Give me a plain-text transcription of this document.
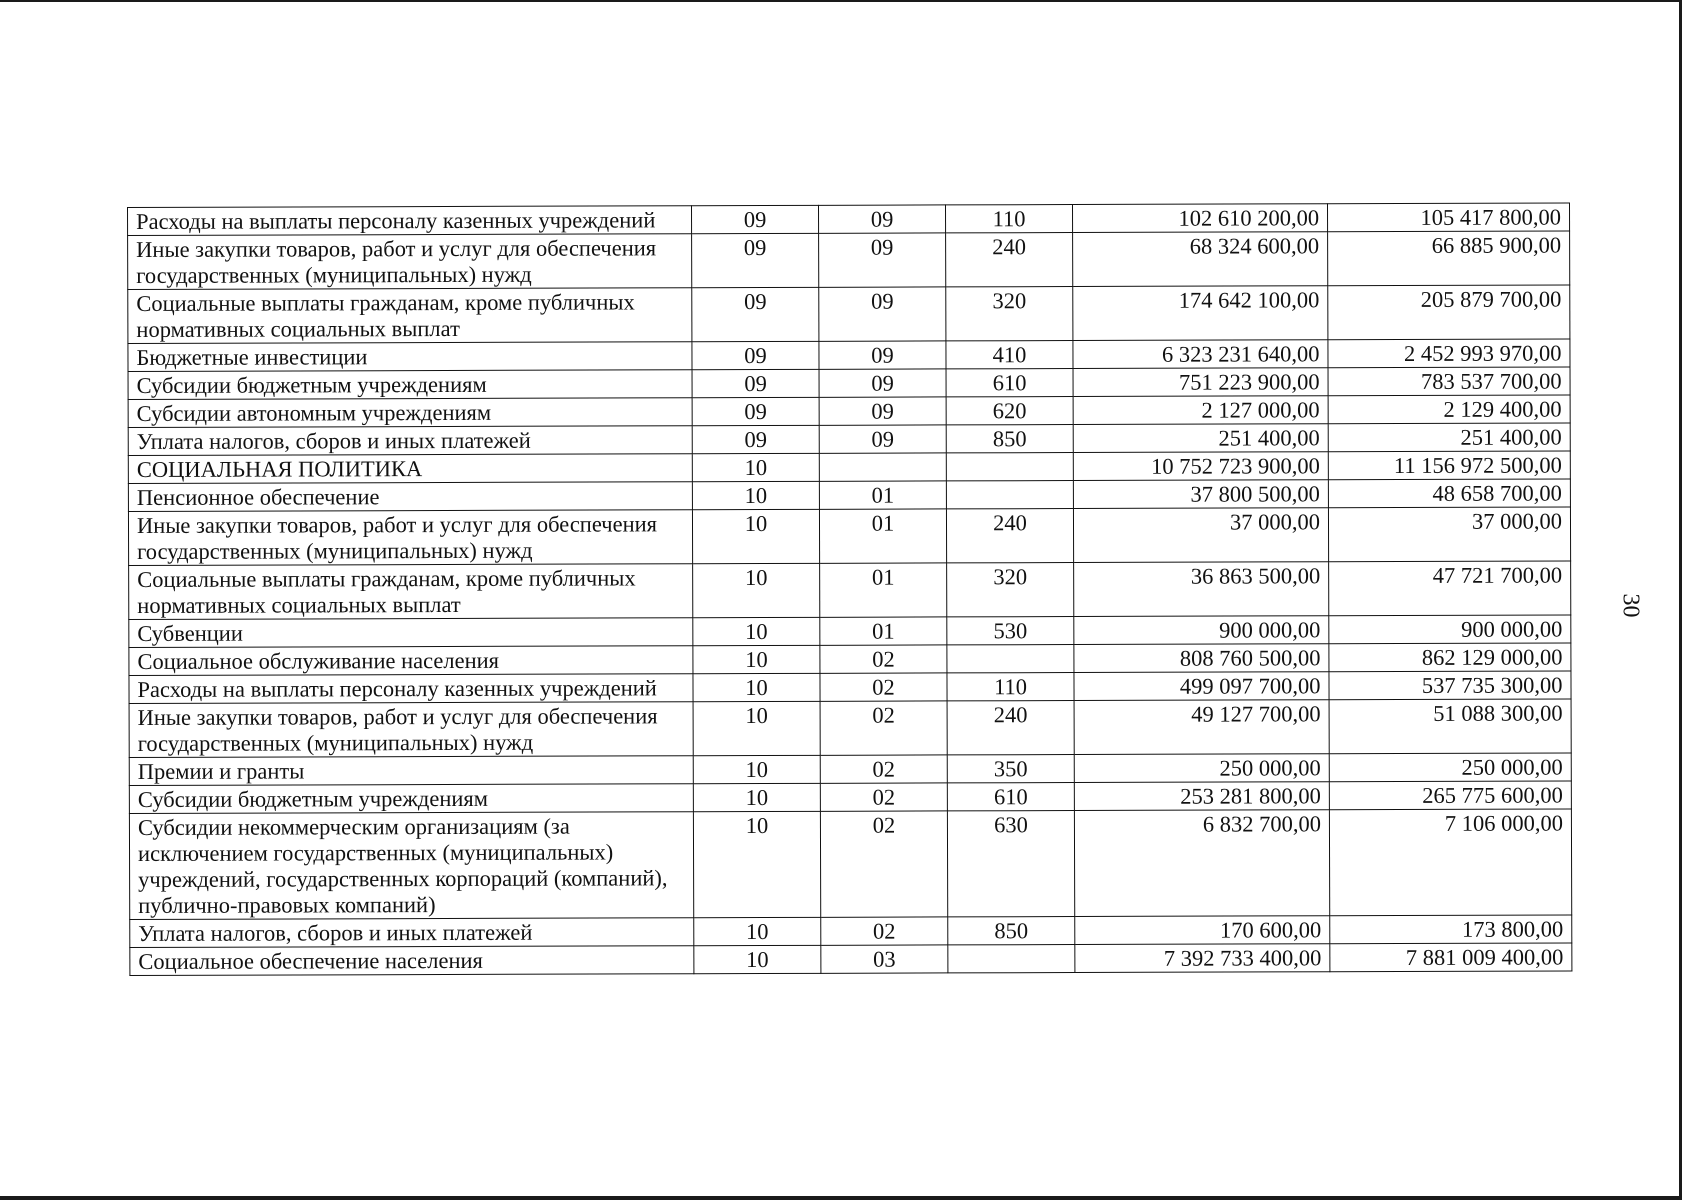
Расходы на выплаты персоналу казенных учреждений	09	09	110	102 610 200,00	105 417 800,00
Иные закупки товаров, работ и услуг для обеспечения государственных (муниципальных) нужд	09	09	240	68 324 600,00	66 885 900,00
Социальные выплаты гражданам, кроме публичных нормативных социальных выплат	09	09	320	174 642 100,00	205 879 700,00
Бюджетные инвестиции	09	09	410	6 323 231 640,00	2 452 993 970,00
Субсидии бюджетным учреждениям	09	09	610	751 223 900,00	783 537 700,00
Субсидии автономным учреждениям	09	09	620	2 127 000,00	2 129 400,00
Уплата налогов, сборов и иных платежей	09	09	850	251 400,00	251 400,00
СОЦИАЛЬНАЯ ПОЛИТИКА	10			10 752 723 900,00	11 156 972 500,00
Пенсионное обеспечение	10	01		37 800 500,00	48 658 700,00
Иные закупки товаров, работ и услуг для обеспечения государственных (муниципальных) нужд	10	01	240	37 000,00	37 000,00
Социальные выплаты гражданам, кроме публичных нормативных социальных выплат	10	01	320	36 863 500,00	47 721 700,00
Субвенции	10	01	530	900 000,00	900 000,00
Социальное обслуживание населения	10	02		808 760 500,00	862 129 000,00
Расходы на выплаты персоналу казенных учреждений	10	02	110	499 097 700,00	537 735 300,00
Иные закупки товаров, работ и услуг для обеспечения государственных (муниципальных) нужд	10	02	240	49 127 700,00	51 088 300,00
Премии и гранты	10	02	350	250 000,00	250 000,00
Субсидии бюджетным учреждениям	10	02	610	253 281 800,00	265 775 600,00
Субсидии некоммерческим организациям (за исключением государственных (муниципальных) учреждений, государственных корпораций (компаний), публично-правовых компаний)	10	02	630	6 832 700,00	7 106 000,00
Уплата налогов, сборов и иных платежей	10	02	850	170 600,00	173 800,00
Социальное обеспечение населения	10	03		7 392 733 400,00	7 881 009 400,00
30
